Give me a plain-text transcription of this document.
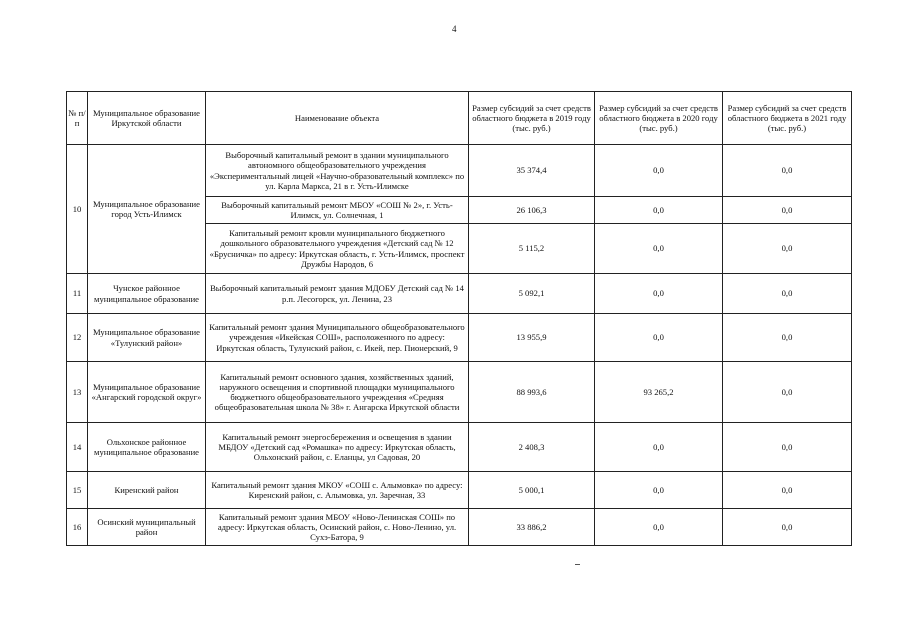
4
№ п/п	Муниципальное образование Иркутской области	Наименование объекта	Размер субсидий за счет средств областного бюджета в 2019 году (тыс. руб.)	Размер субсидий за счет средств областного бюджета в 2020 году (тыс. руб.)	Размер субсидий за счет средств областного бюджета в 2021 году (тыс. руб.)
10	Муниципальное образование город Усть-Илимск	Выборочный капитальный ремонт в здании муниципального автономного общеобразовательного учреждения «Экспериментальный лицей «Научно-образовательный комплекс» по ул. Карла Маркса, 21 в г. Усть-Илимске	35 374,4	0,0	0,0
		Выборочный капитальный ремонт МБОУ «СОШ № 2», г. Усть-Илимск, ул. Солнечная, 1	26 106,3	0,0	0,0
		Капитальный ремонт кровли муниципального бюджетного дошкольного образовательного учреждения «Детский сад № 12 «Брусничка» по адресу: Иркутская область, г. Усть-Илимск, проспект Дружбы Народов, 6	5 115,2	0,0	0,0
11	Чунское районное муниципальное образование	Выборочный капитальный ремонт здания МДОБУ Детский сад № 14 р.п. Лесогорск, ул. Ленина, 23	5 092,1	0,0	0,0
12	Муниципальное образование «Тулунский район»	Капитальный ремонт здания Муниципального общеобразовательного учреждения «Икейская СОШ», расположенного по адресу: Иркутская область, Тулунский район, с. Икей, пер. Пионерский, 9	13 955,9	0,0	0,0
13	Муниципальное образование «Ангарский городской округ»	Капитальный ремонт основного здания, хозяйственных зданий, наружного освещения и спортивной площадки муниципального бюджетного общеобразовательного учреждения «Средняя общеобразовательная школа № 38» г. Ангарска Иркутской области	88 993,6	93 265,2	0,0
14	Ольхонское районное муниципальное образование	Капитальный ремонт энергосбережения и освещения в здании МБДОУ «Детский сад «Ромашка» по адресу: Иркутская область, Ольхонский район, с. Еланцы, ул Садовая, 20	2 408,3	0,0	0,0
15	Киренский район	Капитальный ремонт здания МКОУ «СОШ с. Алымовка» по адресу: Киренский район, с. Алымовка, ул. Заречная, 33	5 000,1	0,0	0,0
16	Осинский муниципальный район	Капитальный ремонт здания МБОУ «Ново-Ленинская СОШ» по адресу: Иркутская область, Осинский район, с. Ново-Ленино, ул. Сухэ-Батора, 9	33 886,2	0,0	0,0
